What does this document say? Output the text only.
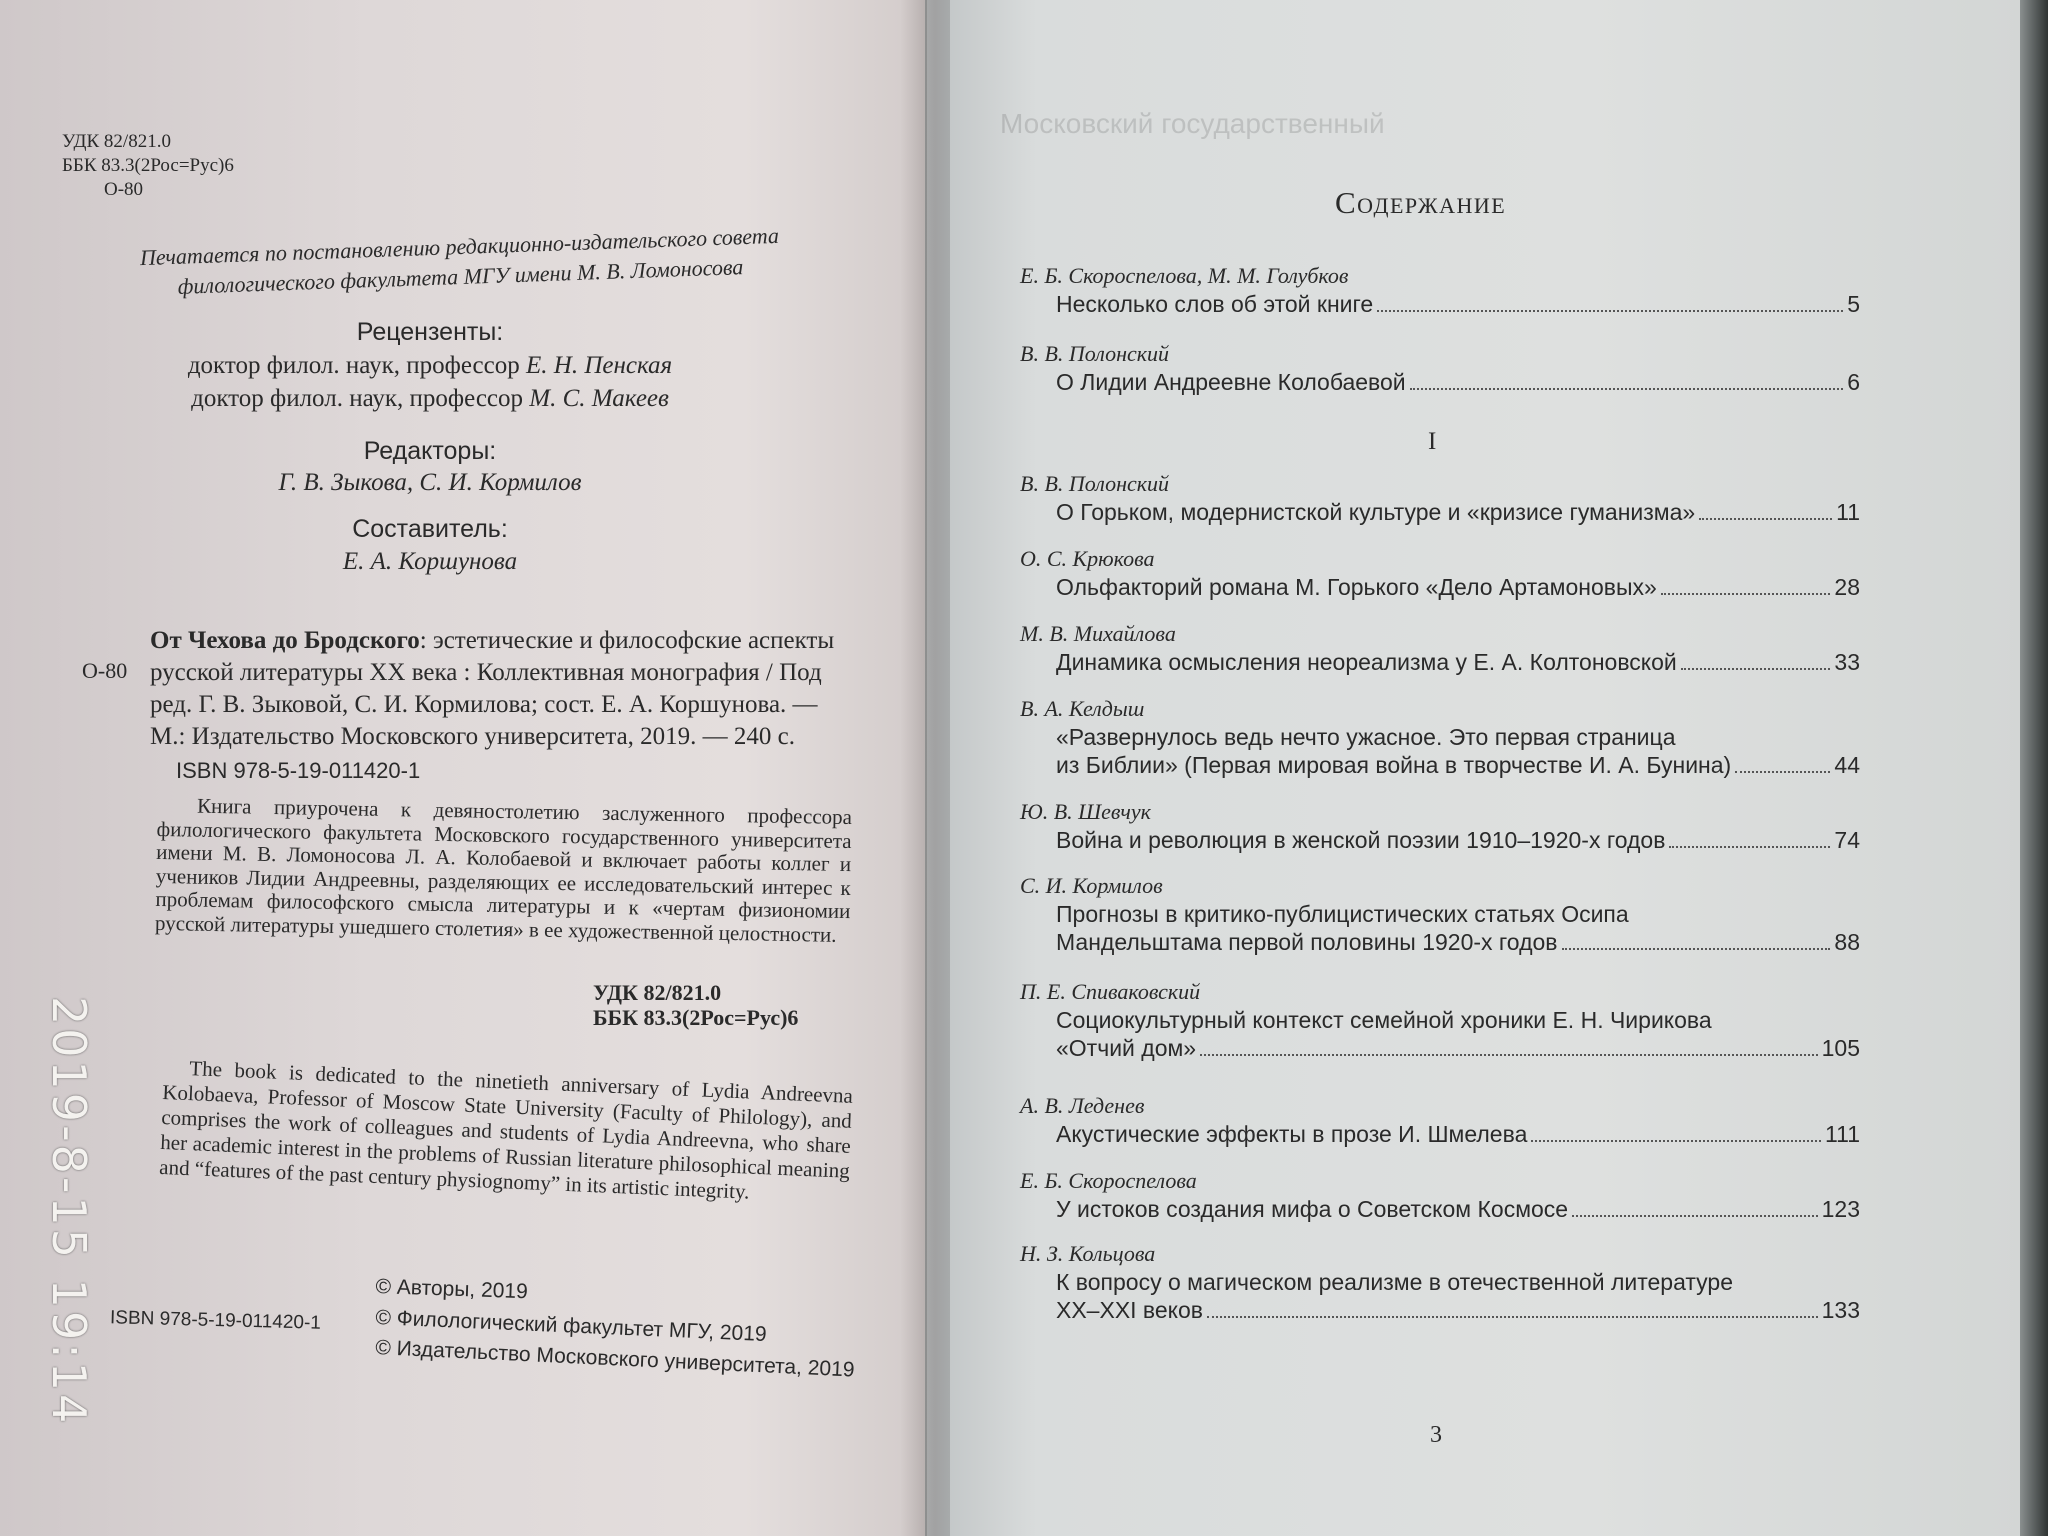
УДК 82/821.0
ББК 83.3(2Рос=Рус)6
О-80
Печатается по постановлению редакционно-издательского совета филологического факультета МГУ имени М. В. Ломоносова
Рецензенты:
доктор филол. наук, профессор Е. Н. Пенская
доктор филол. наук, профессор М. С. Макеев
Редакторы:
Г. В. Зыкова, С. И. Кормилов
Составитель:
Е. А. Коршунова
О-80
От Чехова до Бродского: эстетические и философские аспекты русской литературы XX века : Коллективная монография / Под ред. Г. В. Зыковой, С. И. Кормилова; сост. Е. А. Коршунова. — М.: Издательство Московского университета, 2019. — 240 с.
ISBN 978-5-19-011420-1
Книга приурочена к девяностолетию заслуженного профессора филологического факультета Московского государственного университета имени М. В. Ломоносова Л. А. Колобаевой и включает работы коллег и учеников Лидии Андреевны, разделяющих ее исследовательский интерес к проблемам философского смысла литературы и к «чертам физиономии русской литературы ушедшего столетия» в ее художественной целостности.
УДК 82/821.0
ББК 83.3(2Рос=Рус)6
The book is dedicated to the ninetieth anniversary of Lydia Andreevna Kolobaeva, Professor of Moscow State University (Faculty of Philology), and comprises the work of colleagues and students of Lydia Andreevna, who share her academic interest in the problems of Russian literature philosophical meaning and “features of the past century physiognomy” in its artistic integrity.
ISBN 978-5-19-011420-1
© Авторы, 2019
© Филологический факультет МГУ, 2019
© Издательство Московского университета, 2019
2019-8-15 19:14
Московский государственный
Содержание
I
Е. Б. Скороспелова, М. М. Голубков
Несколько слов об этой книге	5
В. В. Полонский
О Лидии Андреевне Колобаевой	6
В. В. Полонский
О Горьком, модернистской культуре и «кризисе гуманизма»	11
О. С. Крюкова
Ольфакторий романа М. Горького «Дело Артамоновых»	28
М. В. Михайлова
Динамика осмысления неореализма у Е. А. Колтоновской	33
В. А. Келдыш
«Развернулось ведь нечто ужасное. Это первая страница
из Библии» (Первая мировая война в творчестве И. А. Бунина)	44
Ю. В. Шевчук
Война и революция в женской поэзии 1910–1920-х годов	74
С. И. Кормилов
Прогнозы в критико-публицистических статьях Осипа
Мандельштама первой половины 1920-х годов	88
П. Е. Спиваковский
Социокультурный контекст семейной хроники Е. Н. Чирикова
«Отчий дом»	105
А. В. Леденев
Акустические эффекты в прозе И. Шмелева	111
Е. Б. Скороспелова
У истоков создания мифа о Советском Космосе	123
Н. З. Кольцова
К вопросу о магическом реализме в отечественной литературе
XX–XXI веков	133
3
